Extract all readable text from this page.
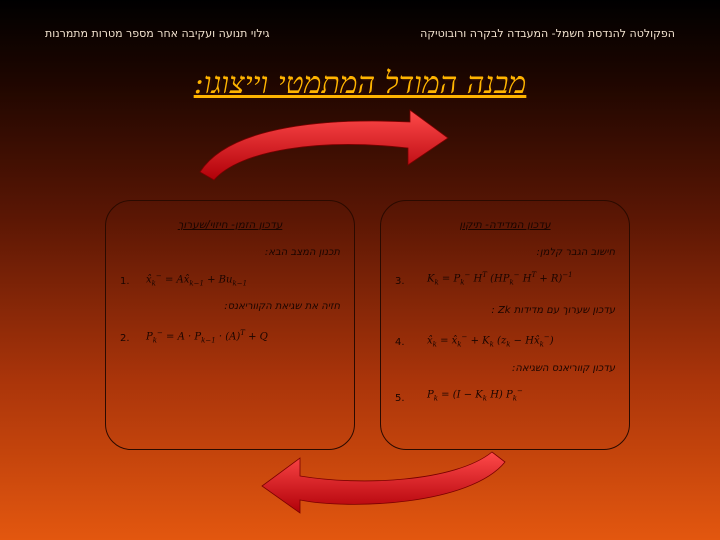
הפקולטה להנדסת חשמל- המעבדה לבקרה ורובוטיקה
גילוי תנועה ועקיבה אחר מספר מטרות מתמרנות
מבנה המודל המתמטי וייצוגו:
עדכון המדידה- תיקון
חישוב הגבר קלמן:
3. $K_k = P_k^-$ $H^T$ ($HP_k^-$ $H^T + R)^{-1}$
עדכון שערוך עם מדידות Zk :
4. $x̂_k$ = $x̂_k^- + K_k$ ($z_k$ − $Hx̂_k^-$)
עדכון קווריאנס השגיאה:
5. $P_k = (I - K_k$ H) $P_k^-$
עדכון הזמן- חיזוי/שערוך
תכנון המצב הבא:
1. $x̂_k^-$ = $Ax̂_{k-1} + Bu_{k-1}$
חזיה את שגיאת הקווריאנס:
2. $P_k^- = A \cdot P_{k-1} \cdot (A)^T + Q$
